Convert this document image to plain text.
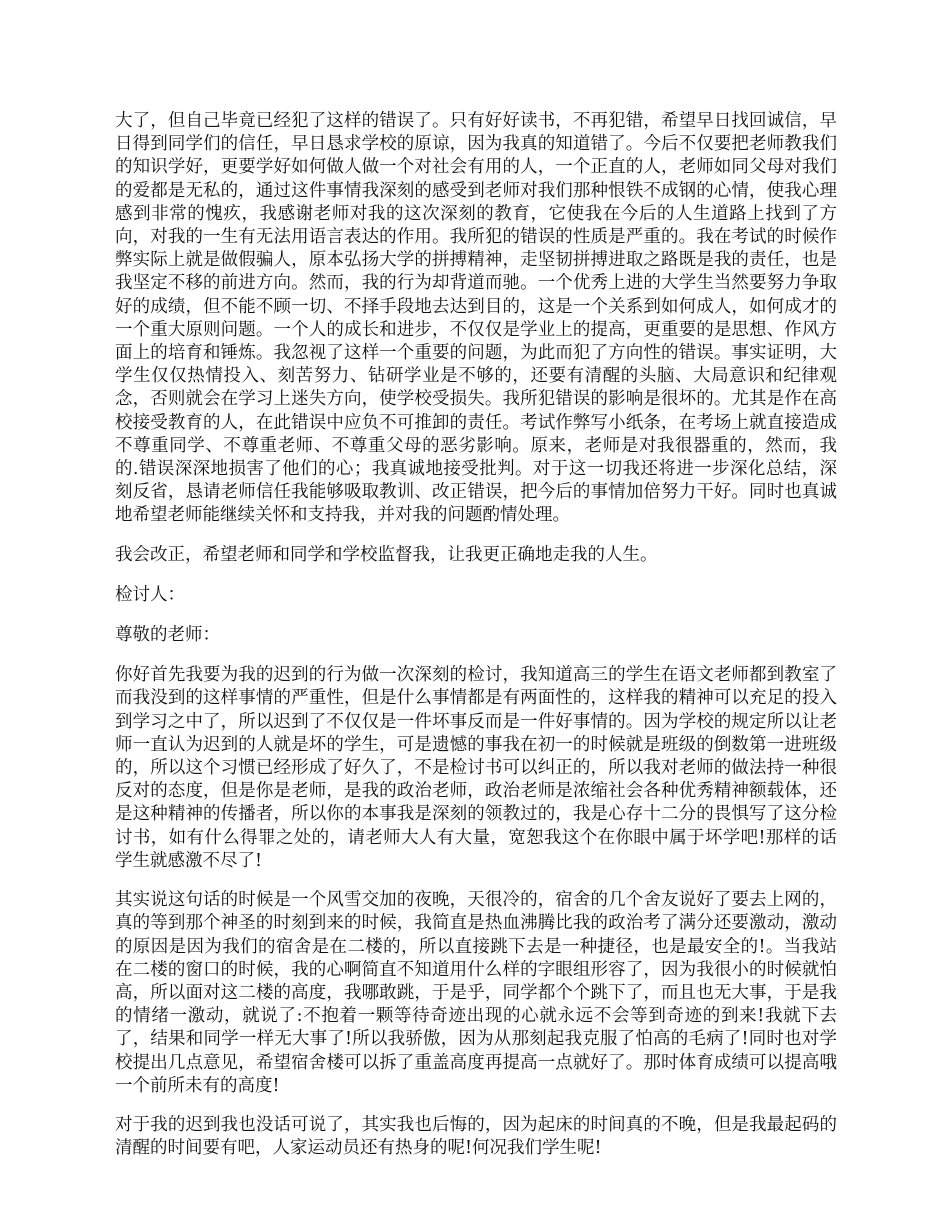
大了，但自己毕竟已经犯了这样的错误了。只有好好读书，不再犯错，希望早日找回诚信，早日得到同学们的信任，早日恳求学校的原谅，因为我真的知道错了。今后不仅要把老师教我们的知识学好，更要学好如何做人做一个对社会有用的人，一个正直的人，老师如同父母对我们的爱都是无私的，通过这件事情我深刻的感受到老师对我们那种恨铁不成钢的心情，使我心理感到非常的愧疚，我感谢老师对我的这次深刻的教育，它使我在今后的人生道路上找到了方向，对我的一生有无法用语言表达的作用。我所犯的错误的性质是严重的。我在考试的时候作弊实际上就是做假骗人，原本弘扬大学的拼搏精神，走坚韧拼搏进取之路既是我的责任，也是我坚定不移的前进方向。然而，我的行为却背道而驰。一个优秀上进的大学生当然要努力争取好的成绩，但不能不顾一切、不择手段地去达到目的，这是一个关系到如何成人，如何成才的一个重大原则问题。一个人的成长和进步，不仅仅是学业上的提高，更重要的是思想、作风方面上的培育和锤炼。我忽视了这样一个重要的问题，为此而犯了方向性的错误。事实证明，大学生仅仅热情投入、刻苦努力、钻研学业是不够的，还要有清醒的头脑、大局意识和纪律观念，否则就会在学习上迷失方向，使学校受损失。我所犯错误的影响是很坏的。尤其是作在高校接受教育的人，在此错误中应负不可推卸的责任。考试作弊写小纸条，在考场上就直接造成不尊重同学、不尊重老师、不尊重父母的恶劣影响。原来，老师是对我很器重的，然而，我的.错误深深地损害了他们的心；我真诚地接受批判。对于这一切我还将进一步深化总结，深刻反省，恳请老师信任我能够吸取教训、改正错误，把今后的事情加倍努力干好。同时也真诚地希望老师能继续关怀和支持我，并对我的问题酌情处理。

我会改正，希望老师和同学和学校监督我，让我更正确地走我的人生。

检讨人：

尊敬的老师：

你好首先我要为我的迟到的行为做一次深刻的检讨，我知道高三的学生在语文老师都到教室了而我没到的这样事情的严重性，但是什么事情都是有两面性的，这样我的精神可以充足的投入到学习之中了，所以迟到了不仅仅是一件坏事反而是一件好事情的。因为学校的规定所以让老师一直认为迟到的人就是坏的学生，可是遗憾的事我在初一的时候就是班级的倒数第一进班级的，所以这个习惯已经形成了好久了，不是检讨书可以纠正的，所以我对老师的做法持一种很反对的态度，但是你是老师，是我的政治老师，政治老师是浓缩社会各种优秀精神额载体，还是这种精神的传播者，所以你的本事我是深刻的领教过的，我是心存十二分的畏惧写了这分检讨书，如有什么得罪之处的，请老师大人有大量，宽恕我这个在你眼中属于坏学吧!那样的话学生就感激不尽了!

其实说这句话的时候是一个风雪交加的夜晚，天很冷的，宿舍的几个舍友说好了要去上网的，真的等到那个神圣的时刻到来的时候，我简直是热血沸腾比我的政治考了满分还要激动，激动的原因是因为我们的宿舍是在二楼的，所以直接跳下去是一种捷径，也是最安全的!。当我站在二楼的窗口的时候，我的心啊简直不知道用什么样的字眼组形容了，因为我很小的时候就怕高，所以面对这二楼的高度，我哪敢跳，于是乎，同学都个个跳下了，而且也无大事，于是我的情绪一激动，就说了:不抱着一颗等待奇迹出现的心就永远不会等到奇迹的到来!我就下去了，结果和同学一样无大事了!所以我骄傲，因为从那刻起我克服了怕高的毛病了!同时也对学校提出几点意见，希望宿舍楼可以拆了重盖高度再提高一点就好了。那时体育成绩可以提高哦一个前所未有的高度!

对于我的迟到我也没话可说了，其实我也后悔的，因为起床的时间真的不晚，但是我最起码的清醒的时间要有吧，人家运动员还有热身的呢!何况我们学生呢!
